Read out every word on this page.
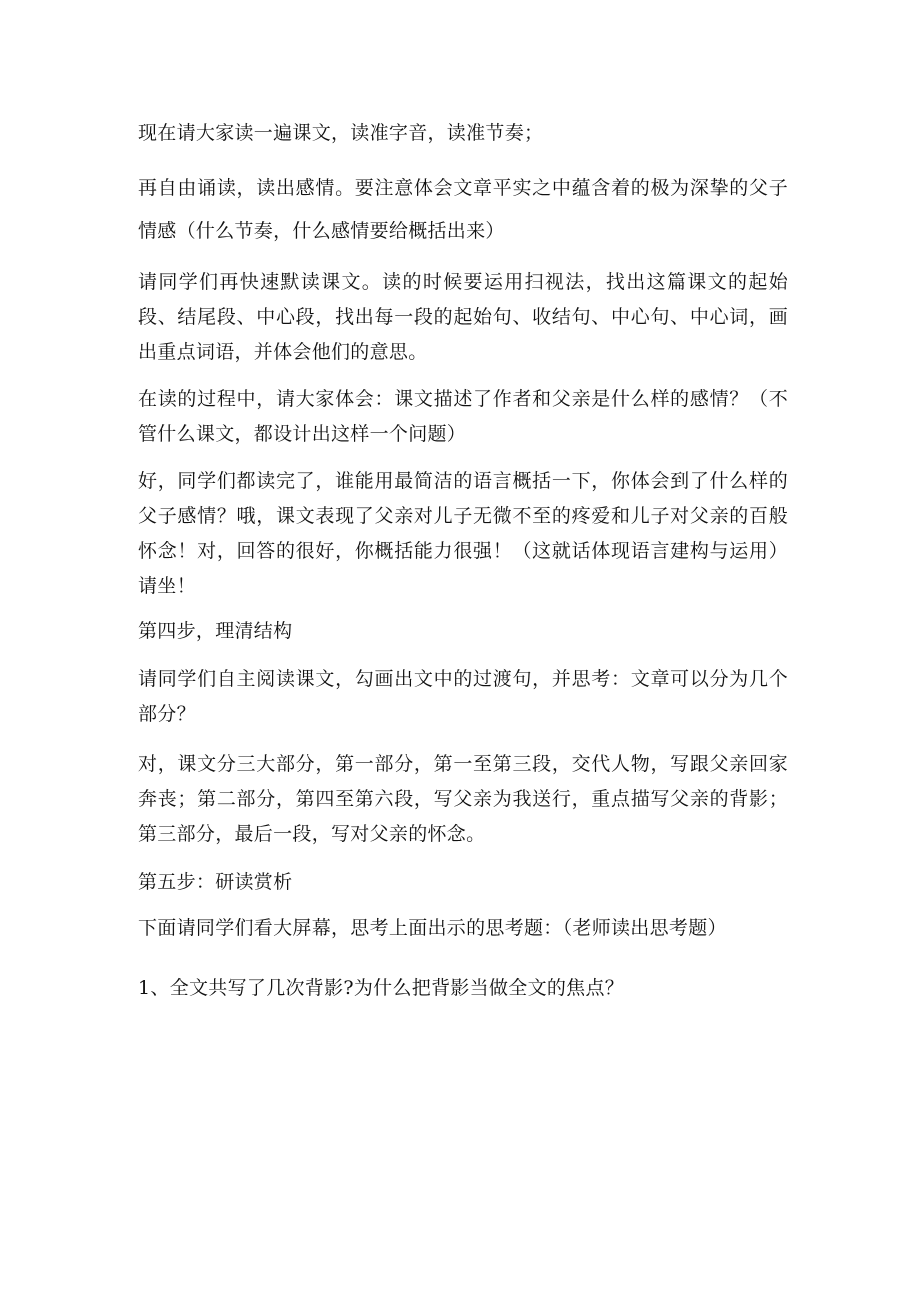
现在请大家读一遍课文，读准字音，读准节奏；

再自由诵读，读出感情。要注意体会文章平实之中蕴含着的极为深挚的父子情感（什么节奏，什么感情要给概括出来）

请同学们再快速默读课文。读的时候要运用扫视法，找出这篇课文的起始段、结尾段、中心段，找出每一段的起始句、收结句、中心句、中心词，画出重点词语，并体会他们的意思。

在读的过程中，请大家体会：课文描述了作者和父亲是什么样的感情？（不管什么课文，都设计出这样一个问题）

好，同学们都读完了，谁能用最简洁的语言概括一下，你体会到了什么样的父子感情？哦，课文表现了父亲对儿子无微不至的疼爱和儿子对父亲的百般怀念！对，回答的很好，你概括能力很强！（这就话体现语言建构与运用）请坐！

第四步，理清结构

请同学们自主阅读课文，勾画出文中的过渡句，并思考：文章可以分为几个部分？

对，课文分三大部分，第一部分，第一至第三段，交代人物，写跟父亲回家奔丧；第二部分，第四至第六段，写父亲为我送行，重点描写父亲的背影；第三部分，最后一段，写对父亲的怀念。

第五步：研读赏析

下面请同学们看大屏幕，思考上面出示的思考题：（老师读出思考题）

1、全文共写了几次背影?为什么把背影当做全文的焦点？
